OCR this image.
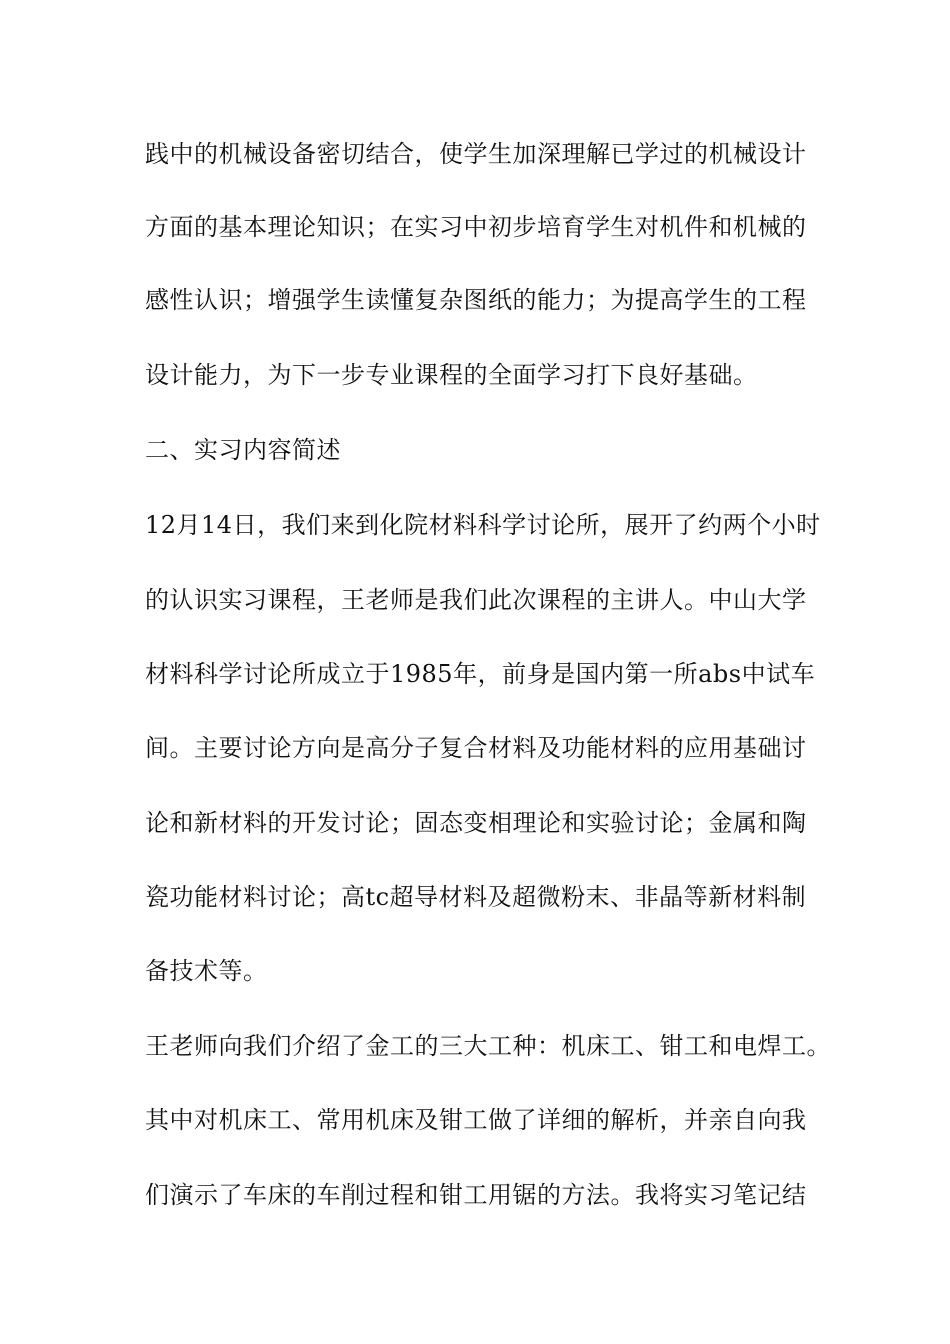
践中的机械设备密切结合，使学生加深理解已学过的机械设计
方面的基本理论知识；在实习中初步培育学生对机件和机械的
感性认识；增强学生读懂复杂图纸的能力；为提高学生的工程
设计能力，为下一步专业课程的全面学习打下良好基础。
二、实习内容简述
12月14日，我们来到化院材料科学讨论所，展开了约两个小时
的认识实习课程，王老师是我们此次课程的主讲人。中山大学
材料科学讨论所成立于1985年，前身是国内第一所abs中试车
间。主要讨论方向是高分子复合材料及功能材料的应用基础讨
论和新材料的开发讨论；固态变相理论和实验讨论；金属和陶
瓷功能材料讨论；高tc超导材料及超微粉末、非晶等新材料制
备技术等。
王老师向我们介绍了金工的三大工种：机床工、钳工和电焊工。
其中对机床工、常用机床及钳工做了详细的解析，并亲自向我
们演示了车床的车削过程和钳工用锯的方法。我将实习笔记结
